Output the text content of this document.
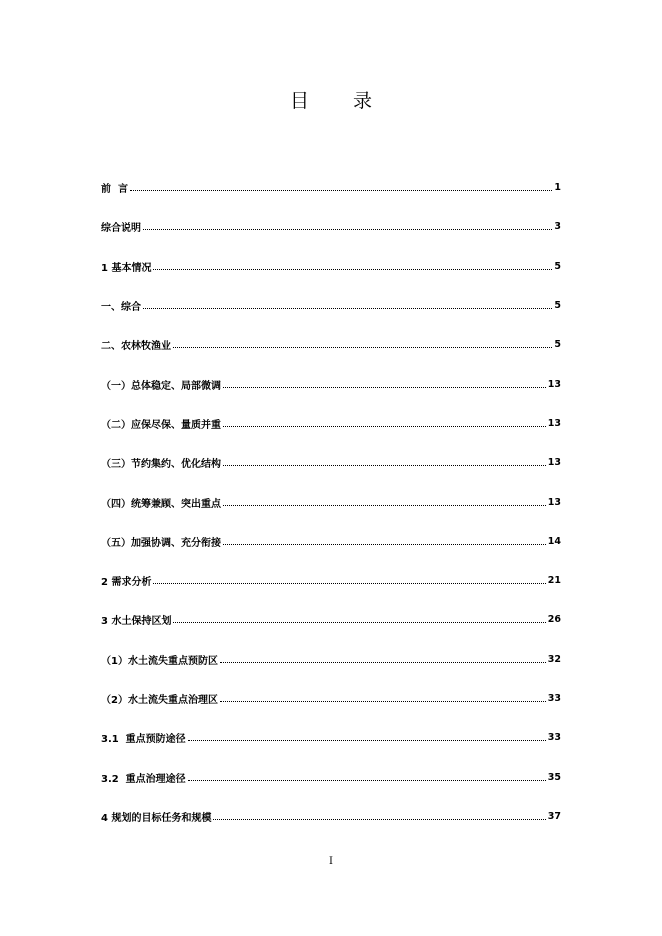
目 录
前  言	1
综合说明	3
1 基本情况	5
一、综合	5
二、农林牧渔业	5
（一）总体稳定、局部微调	13
（二）应保尽保、量质并重	13
（三）节约集约、优化结构	13
（四）统筹兼顾、突出重点	13
（五）加强协调、充分衔接	14
2 需求分析	21
3 水土保持区划	26
（1）水土流失重点预防区	32
（2）水土流失重点治理区	33
3.1  重点预防途径	33
3.2  重点治理途径	35
4 规划的目标任务和规模	37
I
